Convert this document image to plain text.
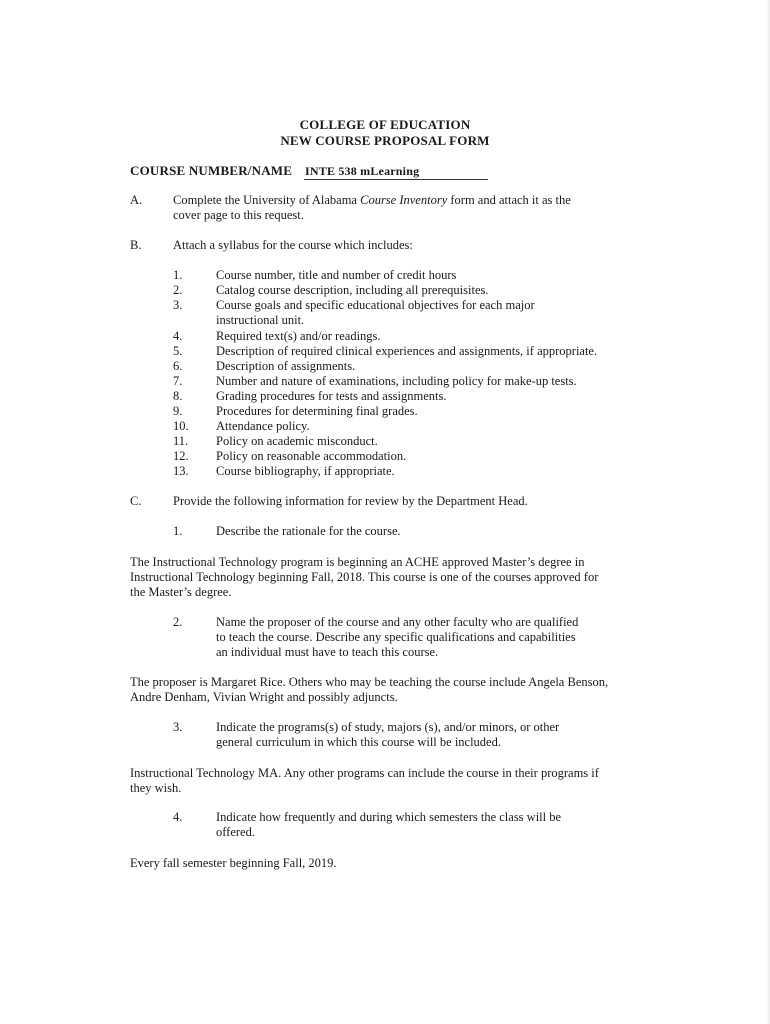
COLLEGE OF EDUCATION
NEW COURSE PROPOSAL FORM
COURSE NUMBER/NAME INTE 538 mLearning
A. Complete the University of Alabama Course Inventory form and attach it as the
cover page to this request.
B.	Attach a syllabus for the course which includes:
1.	Course number, title and number of credit hours
2.	Catalog course description, including all prerequisites.
3.	Course goals and specific educational objectives for each major
instructional unit.
4.	Required text(s) and/or readings.
5.	Description of required clinical experiences and assignments, if appropriate.
6.	Description of assignments.
7.	Number and nature of examinations, including policy for make-up tests.
8.	Grading procedures for tests and assignments.
9.	Procedures for determining final grades.
10. Attendance policy.
11. Policy on academic misconduct.
12. Policy on reasonable accommodation.
13. Course bibliography, if appropriate.
C.	Provide the following information for review by the Department Head.
1.	Describe the rationale for the course.
The Instructional Technology program is beginning an ACHE approved Master’s degree in
Instructional Technology beginning Fall, 2018. This course is one of the courses approved for
the Master’s degree.
2.	Name the proposer of the course and any other faculty who are qualified
to teach the course. Describe any specific qualifications and capabilities
an individual must have to teach this course.
The proposer is Margaret Rice. Others who may be teaching the course include Angela Benson,
Andre Denham, Vivian Wright and possibly adjuncts.
3.	Indicate the programs(s) of study, majors (s), and/or minors, or other
general curriculum in which this course will be included.
Instructional Technology MA. Any other programs can include the course in their programs if
they wish.
4.	Indicate how frequently and during which semesters the class will be
offered.
Every fall semester beginning Fall, 2019.
